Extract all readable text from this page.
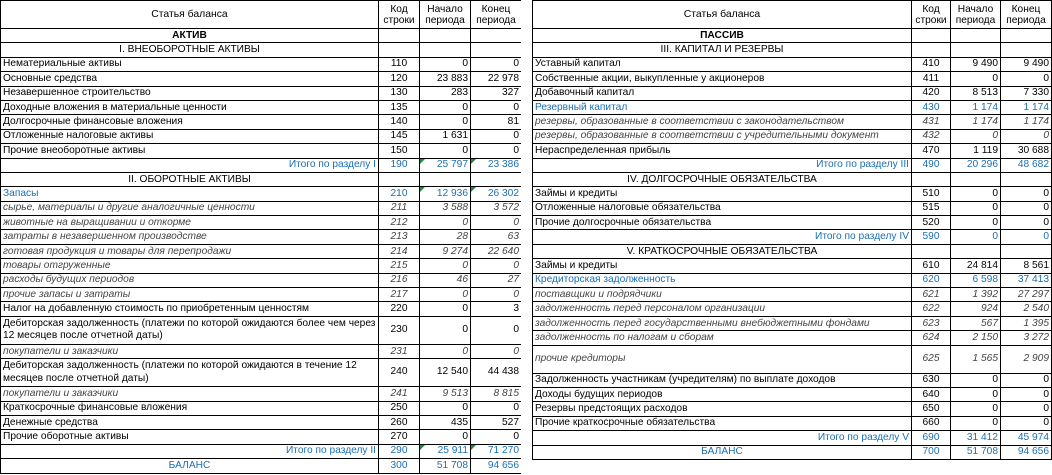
Статья баланса	Код строки	Начало периода	Конец периода
АКТИВ			
I. ВНЕОБОРОТНЫЕ АКТИВЫ			
Нематериальные активы	110	0	0
Основные средства	120	23 883	22 978
Незавершенное строительство	130	283	327
Доходные вложения в материальные ценности	135	0	0
Долгосрочные финансовые вложения	140	0	81
Отложенные налоговые активы	145	1 631	0
Прочие внеоборотные активы	150	0	0
Итого по разделу I	190	25 797	23 386
II. ОБОРОТНЫЕ АКТИВЫ			
Запасы	210	12 936	26 302
сырье, материалы и другие аналогичные ценности	211	3 588	3 572
животные на выращивании и откорме	212	0	0
затраты в незавершенном производстве	213	28	63
готовая продукция и товары для перепродажи	214	9 274	22 640
товары отгруженные	215	0	0
расходы будущих периодов	216	46	27
прочие запасы и затраты	217	0	0
Налог на добавленную стоимость по приобретенным ценностям	220	0	3
Дебиторская задолженность (платежи по которой ожидаются более чем через 12 месяцев после отчетной даты)	230	0	0
покупатели и заказчики	231	0	0
Дебиторская задолженность (платежи по которой ожидаются в течение 12 месяцев после отчетной даты)	240	12 540	44 438
покупатели и заказчики	241	9 513	8 815
Краткосрочные финансовые вложения	250	0	0
Денежные средства	260	435	527
Прочие оборотные активы	270	0	0
Итого по разделу II	290	25 911	71 270
БАЛАНС	300	51 708	94 656
Статья баланса	Код строки	Начало периода	Конец периода
ПАССИВ			
III. КАПИТАЛ И РЕЗЕРВЫ			
Уставный капитал	410	9 490	9 490
Собственные акции, выкупленные у акционеров	411	0	0
Добавочный капитал	420	8 513	7 330
Резервный капитал	430	1 174	1 174
резервы, образованные в соответствии с законодательством	431	1 174	1 174
резервы, образованные в соответствии с учредительными документ	432	0	0
Нераспределенная прибыль	470	1 119	30 688
Итого по разделу III	490	20 296	48 682
IV. ДОЛГОСРОЧНЫЕ ОБЯЗАТЕЛЬСТВА			
Займы и кредиты	510	0	0
Отложенные налоговые обязательства	515	0	0
Прочие долгосрочные обязательства	520	0	0
Итого по разделу IV	590	0	0
V. КРАТКОСРОЧНЫЕ ОБЯЗАТЕЛЬСТВА			
Займы и кредиты	610	24 814	8 561
Кредиторская задолженность	620	6 598	37 413
поставщики и подрядчики	621	1 392	27 297
задолженность перед персоналом организации	622	924	2 540
задолженность перед государственными внебюджетными фондами	623	567	1 395
задолженность по налогам и сборам	624	2 150	3 272
прочие кредиторы	625	1 565	2 909
Задолженность участникам (учредителям) по выплате доходов	630	0	0
Доходы будущих периодов	640	0	0
Резервы предстоящих расходов	650	0	0
Прочие краткосрочные обязательства	660	0	0
Итого по разделу V	690	31 412	45 974
БАЛАНС	700	51 708	94 656
